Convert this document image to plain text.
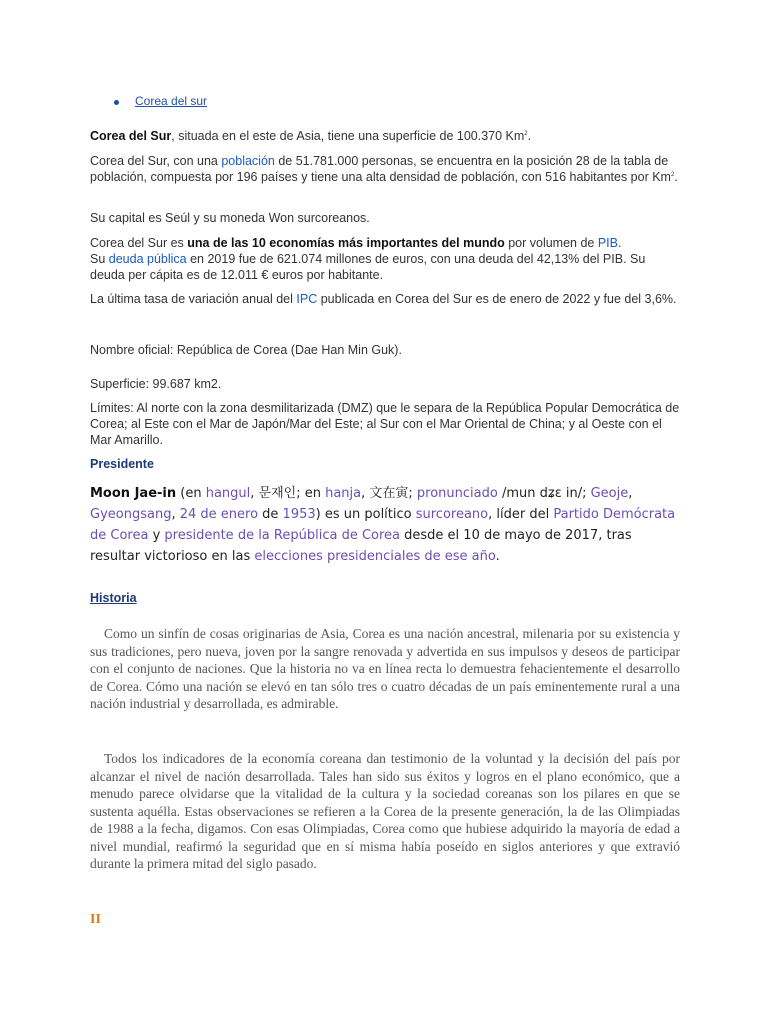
Corea del sur

Corea del Sur, situada en el este de Asia, tiene una superficie de 100.370 Km$^2$.

Corea del Sur, con una población de 51.781.000 personas, se encuentra en la posición 28 de la tabla de población, compuesta por 196 países y tiene una alta densidad de población, con 516 habitantes por Km$^2$.

Su capital es Seúl y su moneda Won surcoreanos.

Corea del Sur es una de las 10 economías más importantes del mundo por volumen de PIB.
Su deuda pública en 2019 fue de 621.074 millones de euros, con una deuda del 42,13% del PIB. Su deuda per cápita es de 12.011 € euros por habitante.

La última tasa de variación anual del IPC publicada en Corea del Sur es de enero de 2022 y fue del 3,6%.

Nombre oficial: República de Corea (Dae Han Min Guk).

Superficie: 99.687 km2.

Límites: Al norte con la zona desmilitarizada (DMZ) que le separa de la República Popular Democrática de Corea; al Este con el Mar de Japón/Mar del Este; al Sur con el Mar Oriental de China; y al Oeste con el Mar Amarillo.

Presidente

Moon Jae-in (en hangul, 문재인; en hanja, 文在寅; pronunciado /mun dʑɛ in/; Geoje, Gyeongsang, 24 de enero de 1953) es un político surcoreano, líder del Partido Demócrata de Corea y presidente de la República de Corea desde el 10 de mayo de 2017, tras resultar victorioso en las elecciones presidenciales de ese año.

Historia

Como un sinfín de cosas originarias de Asia, Corea es una nación ancestral, milenaria por su existencia y sus tradiciones, pero nueva, joven por la sangre renovada y advertida en sus impulsos y deseos de participar con el conjunto de naciones. Que la historia no va en línea recta lo demuestra fehacientemente el desarrollo de Corea. Cómo una nación se elevó en tan sólo tres o cuatro décadas de un país eminentemente rural a una nación industrial y desarrollada, es admirable.

Todos los indicadores de la economía coreana dan testimonio de la voluntad y la decisión del país por alcanzar el nivel de nación desarrollada. Tales han sido sus éxitos y logros en el plano económico, que a menudo parece olvidarse que la vitalidad de la cultura y la sociedad coreanas son los pilares en que se sustenta aquélla. Estas observaciones se refieren a la Corea de la presente generación, la de las Olimpiadas de 1988 a la fecha, digamos. Con esas Olimpiadas, Corea como que hubiese adquirido la mayoría de edad a nivel mundial, reafirmó la seguridad que en sí misma había poseído en siglos anteriores y que extravió durante la primera mitad del siglo pasado.

II
